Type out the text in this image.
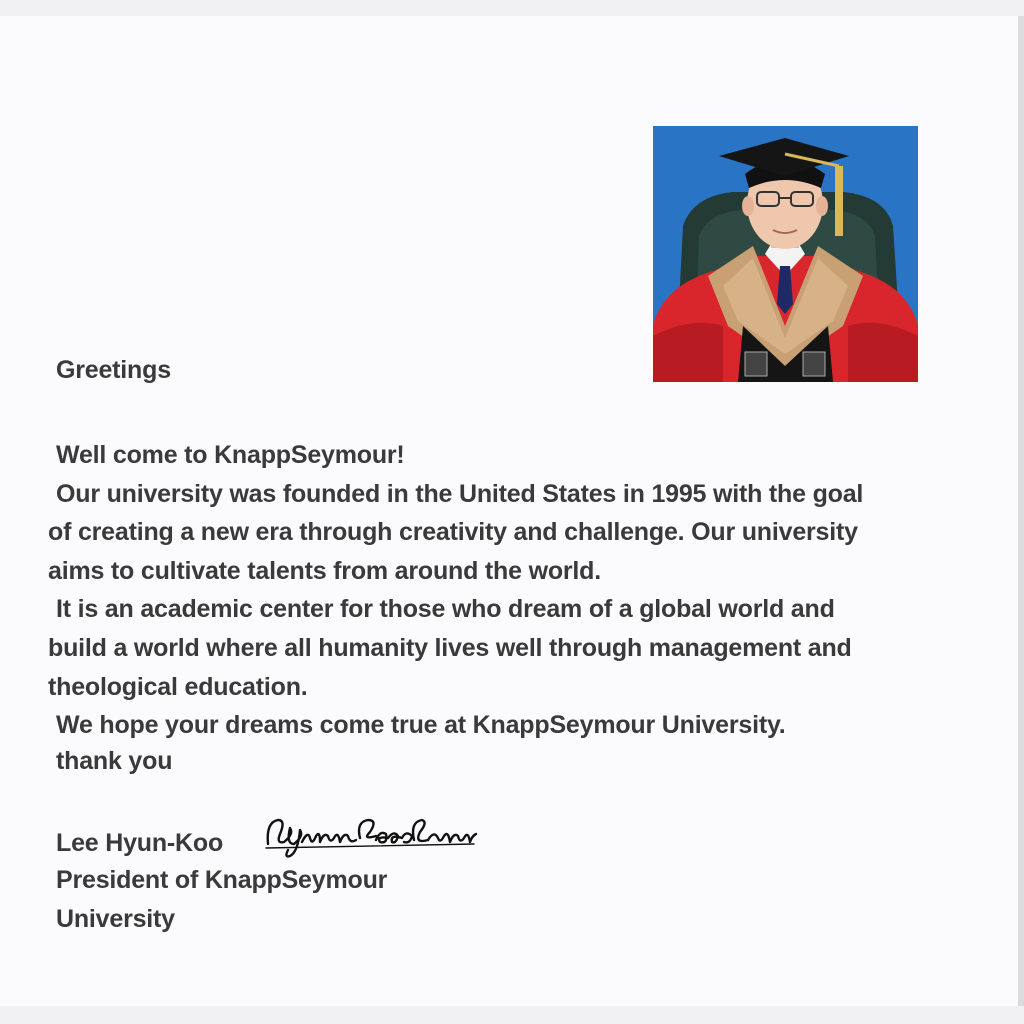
Greetings
Well come to KnappSeymour!
Our university was founded in the United States in 1995 with the goal
of creating a new era through creativity and challenge. Our university
aims to cultivate talents from around the world.
It is an academic center for those who dream of a global world and
build a world where all humanity lives well through management and
theological education.
We hope your dreams come true at KnappSeymour University.
thank you
Lee Hyun-Koo
President of KnappSeymour
University
